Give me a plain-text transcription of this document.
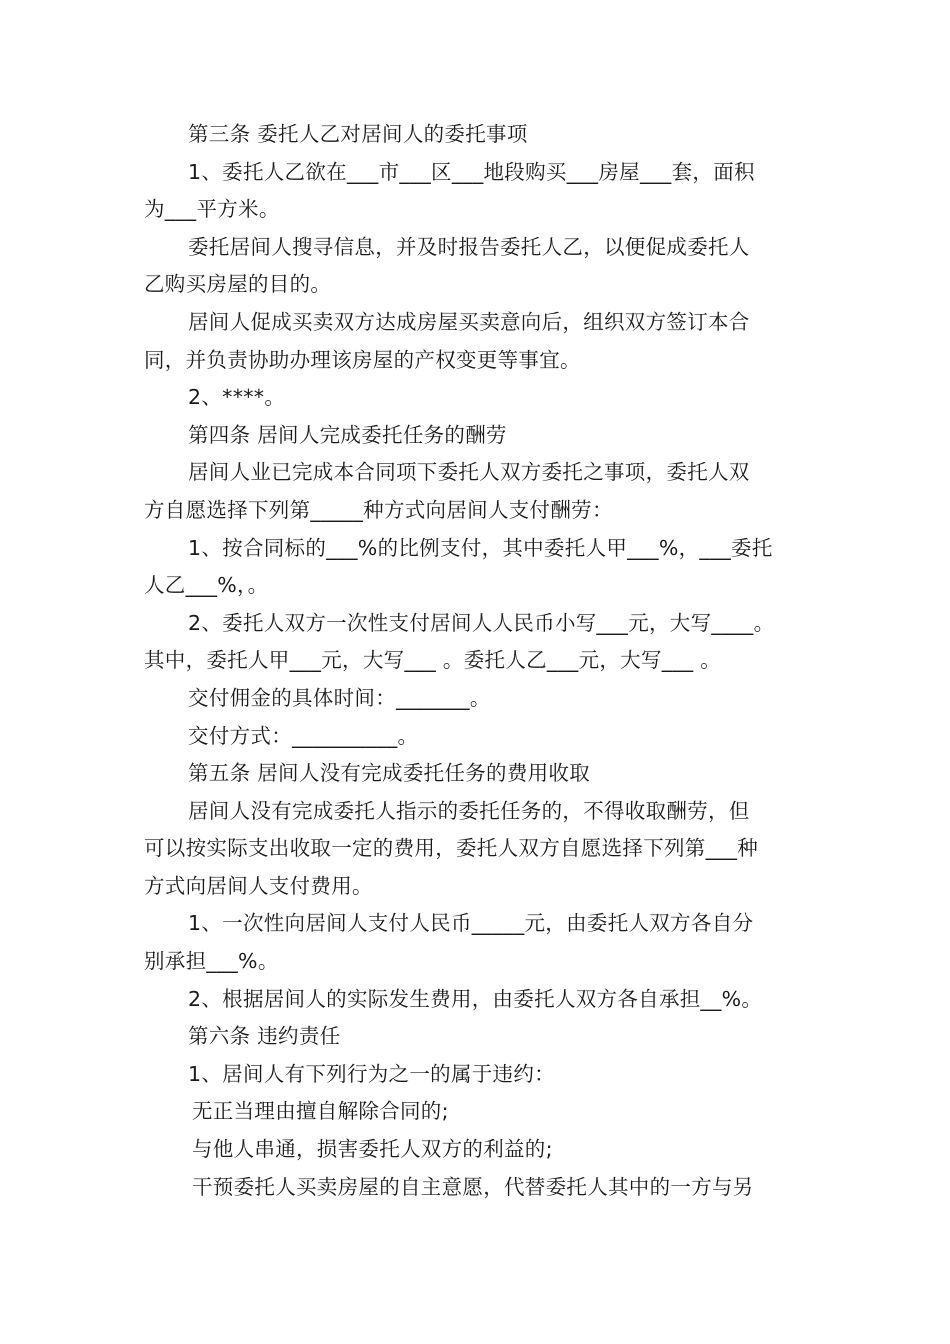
第三条 委托人乙对居间人的委托事项
1、委托人乙欲在___市___区___地段购买___房屋___套，面积
为___平方米。
委托居间人搜寻信息，并及时报告委托人乙，以便促成委托人
乙购买房屋的目的。
居间人促成买卖双方达成房屋买卖意向后，组织双方签订本合
同，并负责协助办理该房屋的产权变更等事宜。
2、****。
第四条 居间人完成委托任务的酬劳
居间人业已完成本合同项下委托人双方委托之事项，委托人双
方自愿选择下列第_____种方式向居间人支付酬劳：
1、按合同标的___%的比例支付，其中委托人甲___%，___委托
人乙___%，。
2、委托人双方一次性支付居间人人民币小写___元，大写____。
其中，委托人甲___元，大写___ 。委托人乙___元，大写___ 。
交付佣金的具体时间：_______。
交付方式：__________。
第五条 居间人没有完成委托任务的费用收取
居间人没有完成委托人指示的委托任务的，不得收取酬劳，但
可以按实际支出收取一定的费用，委托人双方自愿选择下列第___种
方式向居间人支付费用。
1、一次性向居间人支付人民币_____元，由委托人双方各自分
别承担___%。
2、根据居间人的实际发生费用，由委托人双方各自承担__%。
第六条 违约责任
1、居间人有下列行为之一的属于违约：
无正当理由擅自解除合同的;
与他人串通，损害委托人双方的利益的;
干预委托人买卖房屋的自主意愿，代替委托人其中的一方与另
